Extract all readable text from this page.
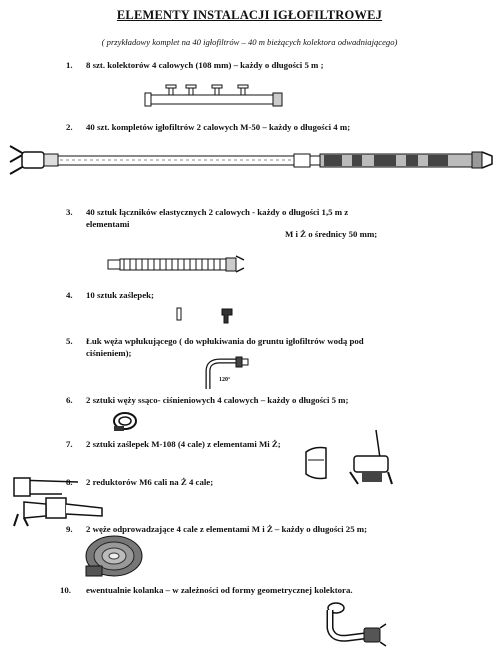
ELEMENTY INSTALACJI IGŁOFILTROWEJ
( przykładowy komplet na 40 igłofiltrów – 40 m bieżących kolektora odwadniającego)
1. 8 szt. kolektorów 4 calowych (108 mm) – każdy o długości 5 m ;
2. 40 szt. kompletów igłofiltrów 2 calowych M-50 – każdy o długości 4 m;
3. 40 sztuk łączników elastycznych 2 calowych - każdy o długości 1,5 m z
elementami
M i Ż o średnicy 50 mm;
4. 10 sztuk zaślepek;
5. Łuk węża wpłukującego ( do wpłukiwania do gruntu igłofiltrów wodą pod
ciśnieniem);
120°
6. 2 sztuki węży ssąco- ciśnieniowych 4 calowych – każdy o długości 5 m;
7. 2 sztuki zaślepek M-108 (4 cale) z elementami Mi Ż;
2 reduktorów M6 cali na Ż 4 cale;
9. 2 węże odprowadzające 4 cale z elementami M i Ż – każdy o długości 25 m;
10. ewentualnie kolanka – w zależności od formy geometrycznej kolektora.
